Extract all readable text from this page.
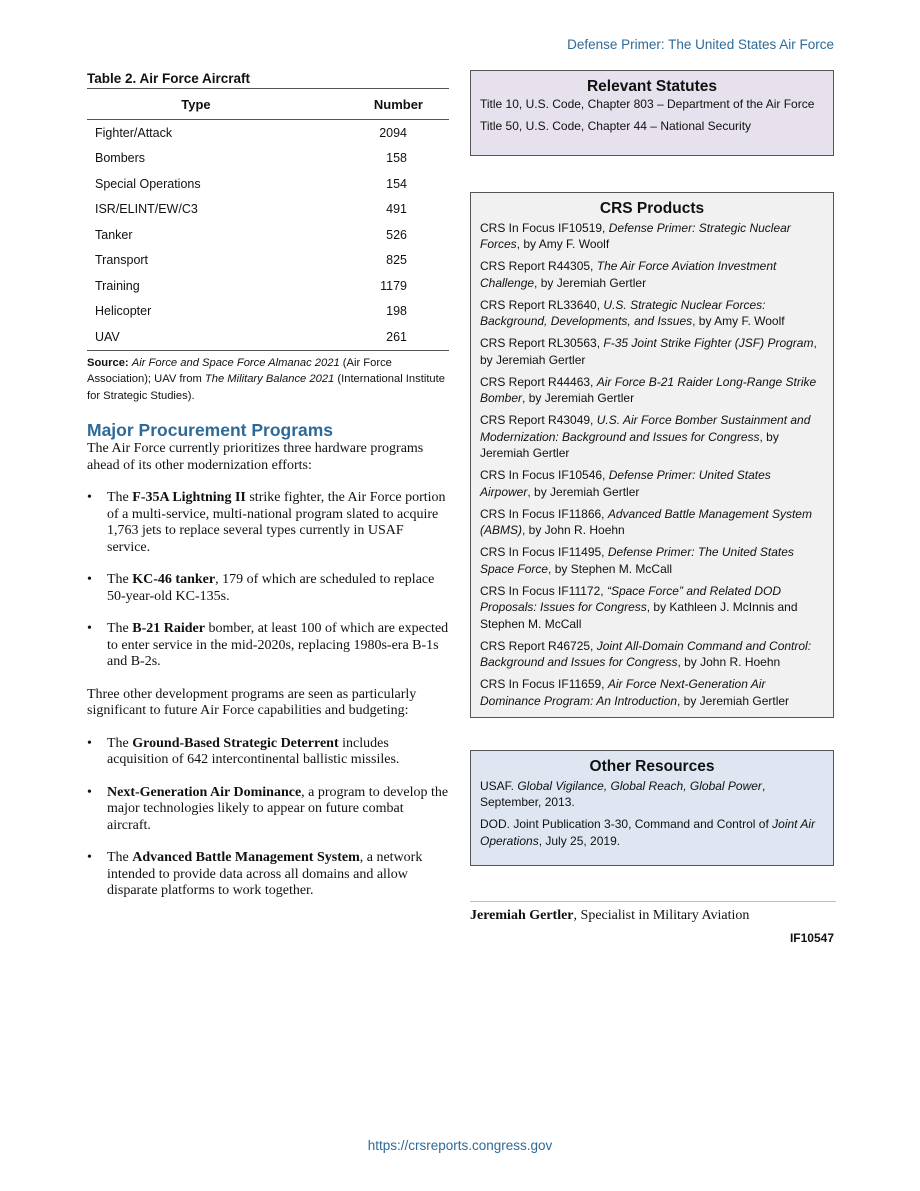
Defense Primer: The United States Air Force
Table 2. Air Force Aircraft
Type	Number
Fighter/Attack	2094
Bombers	158
Special Operations	154
ISR/ELINT/EW/C3	491
Tanker	526
Transport	825
Training	1179
Helicopter	198
UAV	261
Source: Air Force and Space Force Almanac 2021 (Air Force Association); UAV from The Military Balance 2021 (International Institute for Strategic Studies).
Major Procurement Programs
The Air Force currently prioritizes three hardware programs ahead of its other modernization efforts:
• The F-35A Lightning II strike fighter, the Air Force portion of a multi-service, multi-national program slated to acquire 1,763 jets to replace several types currently in USAF service.
• The KC-46 tanker, 179 of which are scheduled to replace 50-year-old KC-135s.
• The B-21 Raider bomber, at least 100 of which are expected to enter service in the mid-2020s, replacing 1980s-era B-1s and B-2s.
Three other development programs are seen as particularly significant to future Air Force capabilities and budgeting:
• The Ground-Based Strategic Deterrent includes acquisition of 642 intercontinental ballistic missiles.
• Next-Generation Air Dominance, a program to develop the major technologies likely to appear on future combat aircraft.
• The Advanced Battle Management System, a network intended to provide data across all domains and allow disparate platforms to work together.
Relevant Statutes
Title 10, U.S. Code, Chapter 803 – Department of the Air Force
Title 50, U.S. Code, Chapter 44 – National Security
CRS Products
CRS In Focus IF10519, Defense Primer: Strategic Nuclear Forces, by Amy F. Woolf
CRS Report R44305, The Air Force Aviation Investment Challenge, by Jeremiah Gertler
CRS Report RL33640, U.S. Strategic Nuclear Forces: Background, Developments, and Issues, by Amy F. Woolf
CRS Report RL30563, F-35 Joint Strike Fighter (JSF) Program, by Jeremiah Gertler
CRS Report R44463, Air Force B-21 Raider Long-Range Strike Bomber, by Jeremiah Gertler
CRS Report R43049, U.S. Air Force Bomber Sustainment and Modernization: Background and Issues for Congress, by Jeremiah Gertler
CRS In Focus IF10546, Defense Primer: United States Airpower, by Jeremiah Gertler
CRS In Focus IF11866, Advanced Battle Management System (ABMS), by John R. Hoehn
CRS In Focus IF11495, Defense Primer: The United States Space Force, by Stephen M. McCall
CRS In Focus IF11172, “Space Force” and Related DOD Proposals: Issues for Congress, by Kathleen J. McInnis and Stephen M. McCall
CRS Report R46725, Joint All-Domain Command and Control: Background and Issues for Congress, by John R. Hoehn
CRS In Focus IF11659, Air Force Next-Generation Air Dominance Program: An Introduction, by Jeremiah Gertler
Other Resources
USAF. Global Vigilance, Global Reach, Global Power, September, 2013.
DOD. Joint Publication 3-30, Command and Control of Joint Air Operations, July 25, 2019.
Jeremiah Gertler, Specialist in Military Aviation
IF10547
https://crsreports.congress.gov
